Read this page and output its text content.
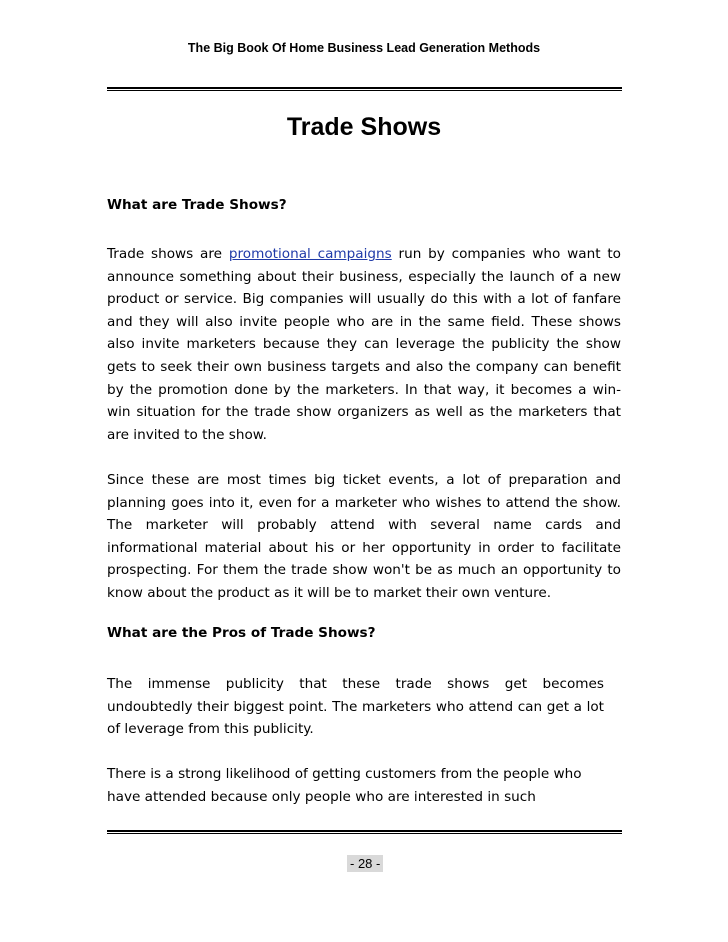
The Big Book Of Home Business Lead Generation Methods
Trade Shows

What are Trade Shows?

Trade shows are promotional campaigns run by companies who want to announce something about their business, especially the launch of a new product or service. Big companies will usually do this with a lot of fanfare and they will also invite people who are in the same field. These shows also invite marketers because they can leverage the publicity the show gets to seek their own business targets and also the company can benefit by the promotion done by the marketers. In that way, it becomes a win-win situation for the trade show organizers as well as the marketers that are invited to the show.

Since these are most times big ticket events, a lot of preparation and planning goes into it, even for a marketer who wishes to attend the show. The marketer will probably attend with several name cards and informational material about his or her opportunity in order to facilitate prospecting. For them the trade show won't be as much an opportunity to know about the product as it will be to market their own venture.

What are the Pros of Trade Shows?

The immense publicity that these trade shows get becomes undoubtedly their biggest point. The marketers who attend can get a lot of leverage from this publicity.

There is a strong likelihood of getting customers from the people who have attended because only people who are interested in such

- 28 -
